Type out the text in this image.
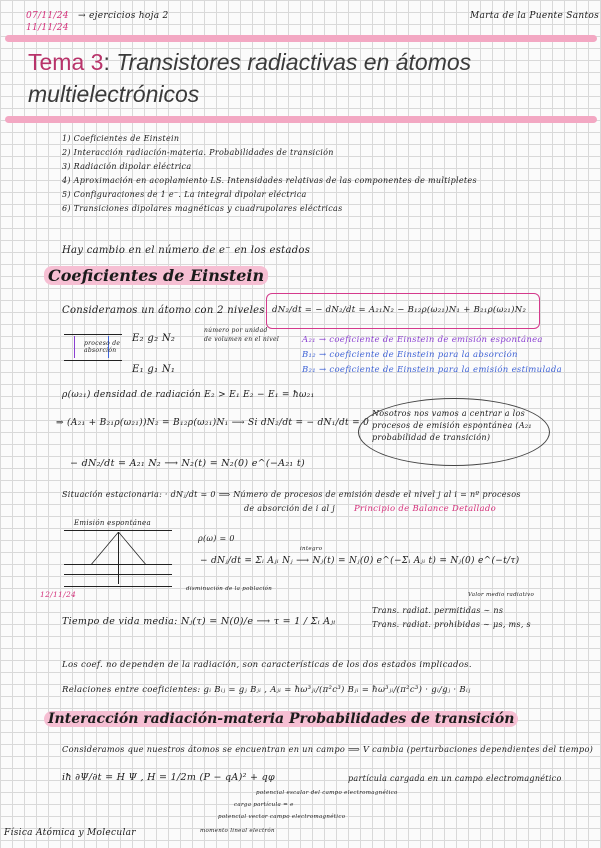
07/11/24
11/11/24
→ ejercicios hoja 2	Marta de la Puente Santos
Tema 3: Transistores radiactivas en átomos
multielectrónicos
1) Coeficientes de Einstein
2) Interacción radiación-materia. Probabilidades de transición
3) Radiación dipolar eléctrica
4) Aproximación en acoplamiento LS. Intensidades relativas de las componentes de multipletes
5) Configuraciones de 1 e⁻. La integral dipolar eléctrica
6) Transiciones dipolares magnéticas y cuadrupolares eléctricas
Hay cambio en el número de e⁻ en los estados
Coeficientes de Einstein
Consideramos un átomo con 2 niveles dN₂/dt = − dN₂/dt = A₂₁N₂ − B₁₂ρ(ω₂₁)N₁ + B₂₁ρ(ω₂₁)N₂
proceso de
absorción
E₂ g₂ N₂
E₁ g₁ N₁
número por unidad
de volumen en el nivel	A₂₁ → coeficiente de Einstein de emisión espontánea
B₁₂ → coeficiente de Einstein para la absorción
B₂₁ → coeficiente de Einstein para la emisión estimulada
ρ(ω₂₁) densidad de radiación E₂ > E₁ E₂ − E₁ = ħω₂₁
⇒ (A₂₁ + B₂₁ρ(ω₂₁))N₂ = B₁₂ρ(ω₂₁)N₁ ⟶ Si dN₂/dt = − dN₁/dt = 0
Nosotros nos vamos a centrar a los procesos de emisión espontánea (A₂₁ probabilidad de transición)
− dN₂/dt = A₂₁ N₂ ⟶ N₂(t) = N₂(0) e^(−A₂₁ t)
Situación estacionaria: · dNⱼ/dt = 0 ⟹ Número de procesos de emisión desde el nivel j al i = nº procesos
de absorción de i al j Principio de Balance Detallado
Emisión espontánea
ρ(ω) = 0
− dNⱼ/dt = Σᵢ Aⱼᵢ Nⱼ ⟶ Nⱼ(t) = Nⱼ(0) e^(−Σᵢ Aⱼᵢ t) = Nⱼ(0) e^(−t/τ)
integro
disminución de la población
12/11/24
Tiempo de vida media: Nⱼ(τ) = N(0)/e ⟶ τ = 1 / Σᵢ Aⱼᵢ
Valor medio radiativo
Trans. radiat. permitidas ∼ ns
Trans. radiat. prohibidas ∼ μs, ms, s
Los coef. no dependen de la radiación, son características de los dos estados implicados.
Relaciones entre coeficientes: gᵢ Bᵢⱼ = gⱼ Bⱼᵢ , Aⱼᵢ = ħω³ⱼᵢ/(π²c³) Bⱼᵢ = ħω³ⱼᵢ/(π²c³) · gᵢ/gⱼ · Bᵢⱼ
Interacción radiación-materia Probabilidades de transición
Consideramos que nuestros átomos se encuentran en un campo ⟹ V cambia (perturbaciones dependientes del tiempo)
iħ ∂Ψ/∂t = H Ψ , H = 1/2m (P − qA)² + qφ	partícula cargada en un campo electromagnético
potencial escalar del campo electromagnético
carga partícula = e
potencial vector campo electromagnético
momento lineal electrón
Física Atómica y Molecular
